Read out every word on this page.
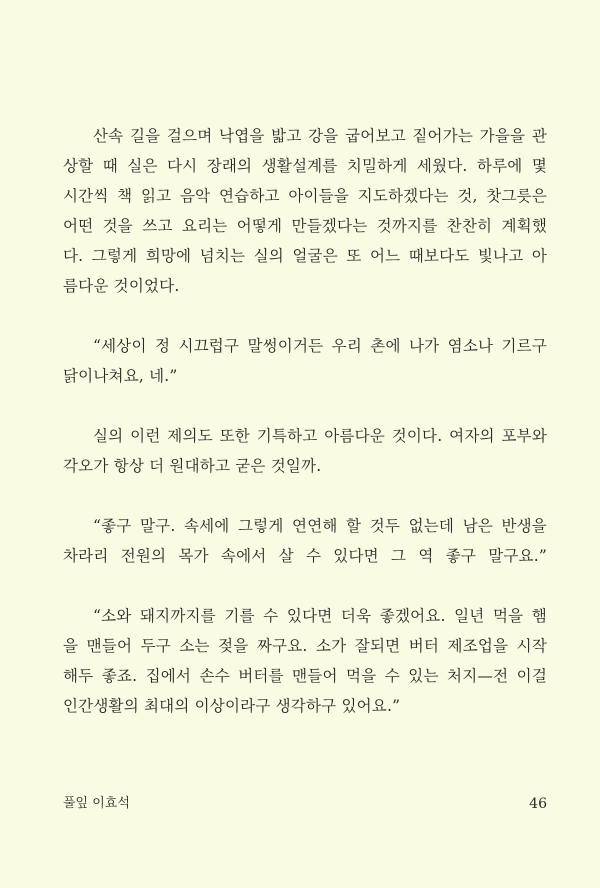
산속 길을 걸으며 낙엽을 밟고 강을 굽어보고 짙어가는 가을을 관
상할 때 실은 다시 장래의 생활설계를 치밀하게 세웠다. 하루에 몇
시간씩 책 읽고 음악 연습하고 아이들을 지도하겠다는 것, 찻그릇은
어떤 것을 쓰고 요리는 어떻게 만들겠다는 것까지를 찬찬히 계획했
다. 그렇게 희망에 넘치는 실의 얼굴은 또 어느 때보다도 빛나고 아
름다운 것이었다.
“세상이 정 시끄럽구 말썽이거든 우리 촌에 나가 염소나 기르구
닭이나쳐요, 네.”
실의 이런 제의도 또한 기특하고 아름다운 것이다. 여자의 포부와
각오가 항상 더 원대하고 굳은 것일까.
“좋구 말구. 속세에 그렇게 연연해 할 것두 없는데 남은 반생을
차라리 전원의 목가 속에서 살 수 있다면 그 역 좋구 말구요.”
“소와 돼지까지를 기를 수 있다면 더욱 좋겠어요. 일년 먹을 햄
을 맨들어 두구 소는 젖을 짜구요. 소가 잘되면 버터 제조업을 시작
해두 좋죠. 집에서 손수 버터를 맨들어 먹을 수 있는 처지—전 이걸
인간생활의 최대의 이상이라구 생각하구 있어요.”
풀잎 이효석	46
